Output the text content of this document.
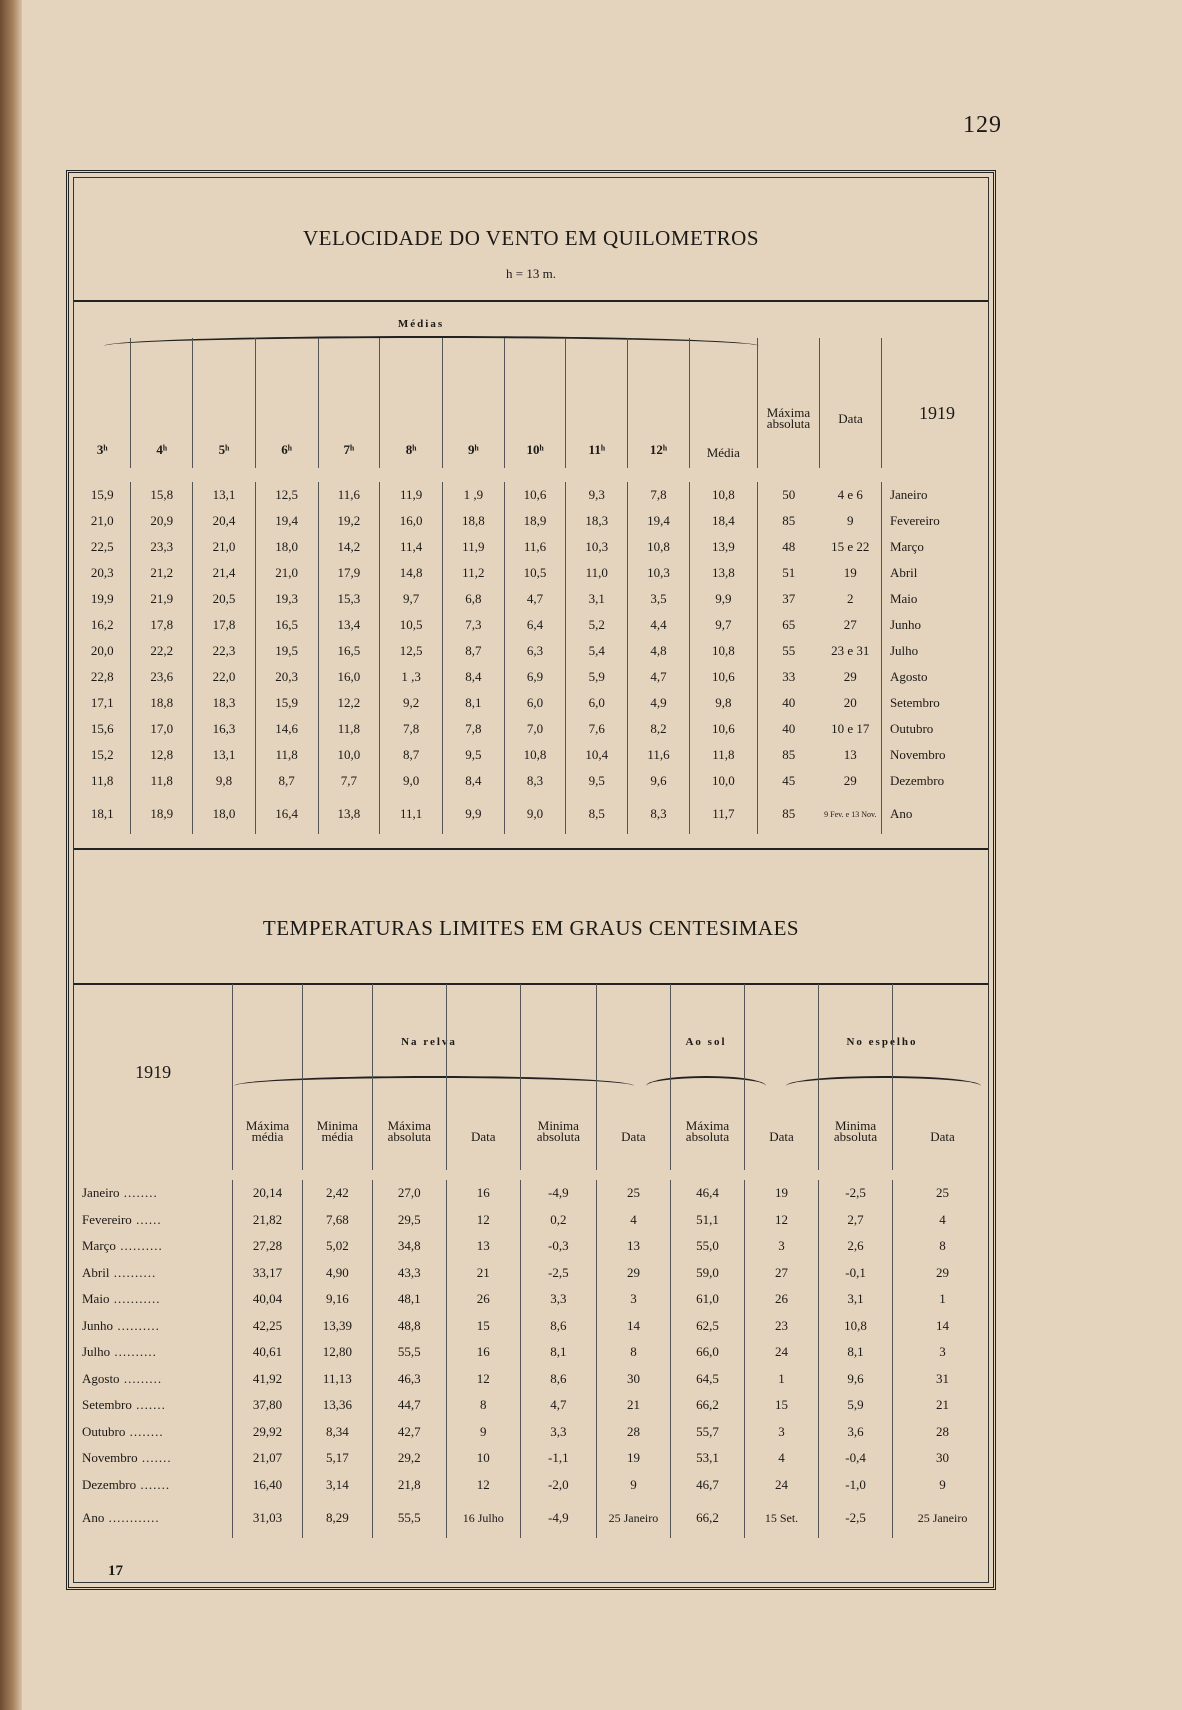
129
VELOCIDADE DO VENTO EM QUILOMETROS
h = 13 m.
Médias
3ʰ	4ʰ	5ʰ	6ʰ	7ʰ	8ʰ	9ʰ	10ʰ	11ʰ	12ʰ	Média	Máxima absoluta	Data	1919

15,9	15,8	13,1	12,5	11,6	11,9	1 ,9	10,6	9,3	7,8	10,8	50	4 e 6	Janeiro
21,0	20,9	20,4	19,4	19,2	16,0	18,8	18,9	18,3	19,4	18,4	85	9	Fevereiro
22,5	23,3	21,0	18,0	14,2	11,4	11,9	11,6	10,3	10,8	13,9	48	15 e 22	Março
20,3	21,2	21,4	21,0	17,9	14,8	11,2	10,5	11,0	10,3	13,8	51	19	Abril
19,9	21,9	20,5	19,3	15,3	9,7	6,8	4,7	3,1	3,5	9,9	37	2	Maio
16,2	17,8	17,8	16,5	13,4	10,5	7,3	6,4	5,2	4,4	9,7	65	27	Junho
20,0	22,2	22,3	19,5	16,5	12,5	8,7	6,3	5,4	4,8	10,8	55	23 e 31	Julho
22,8	23,6	22,0	20,3	16,0	1 ,3	8,4	6,9	5,9	4,7	10,6	33	29	Agosto
17,1	18,8	18,3	15,9	12,2	9,2	8,1	6,0	6,0	4,9	9,8	40	20	Setembro
15,6	17,0	16,3	14,6	11,8	7,8	7,8	7,0	7,6	8,2	10,6	40	10 e 17	Outubro
15,2	12,8	13,1	11,8	10,0	8,7	9,5	10,8	10,4	11,6	11,8	85	13	Novembro
11,8	11,8	9,8	8,7	7,7	9,0	8,4	8,3	9,5	9,6	10,0	45	29	Dezembro
18,1	18,9	18,0	16,4	13,8	11,1	9,9	9,0	8,5	8,3	11,7	85	9 Fev. e 13 Nov.	Ano
TEMPERATURAS LIMITES EM GRAUS CENTESIMAES
Na relva	Ao sol	No espelho
1919	Máxima média	Minima média	Máxima absoluta	Data	Minima absoluta	Data	Máxima absoluta	Data	Minima absoluta	Data

Janeiro ........	20,14	2,42	27,0	16	-4,9	25	46,4	19	-2,5	25
Fevereiro ......	21,82	7,68	29,5	12	0,2	4	51,1	12	2,7	4
Março ..........	27,28	5,02	34,8	13	-0,3	13	55,0	3	2,6	8
Abril ..........	33,17	4,90	43,3	21	-2,5	29	59,0	27	-0,1	29
Maio ...........	40,04	9,16	48,1	26	3,3	3	61,0	26	3,1	1
Junho ..........	42,25	13,39	48,8	15	8,6	14	62,5	23	10,8	14
Julho ..........	40,61	12,80	55,5	16	8,1	8	66,0	24	8,1	3
Agosto .........	41,92	11,13	46,3	12	8,6	30	64,5	1	9,6	31
Setembro .......	37,80	13,36	44,7	8	4,7	21	66,2	15	5,9	21
Outubro ........	29,92	8,34	42,7	9	3,3	28	55,7	3	3,6	28
Novembro .......	21,07	5,17	29,2	10	-1,1	19	53,1	4	-0,4	30
Dezembro .......	16,40	3,14	21,8	12	-2,0	9	46,7	24	-1,0	9
Ano ............	31,03	8,29	55,5	16 Julho	-4,9	25 Janeiro	66,2	15 Set.	-2,5	25 Janeiro
17
